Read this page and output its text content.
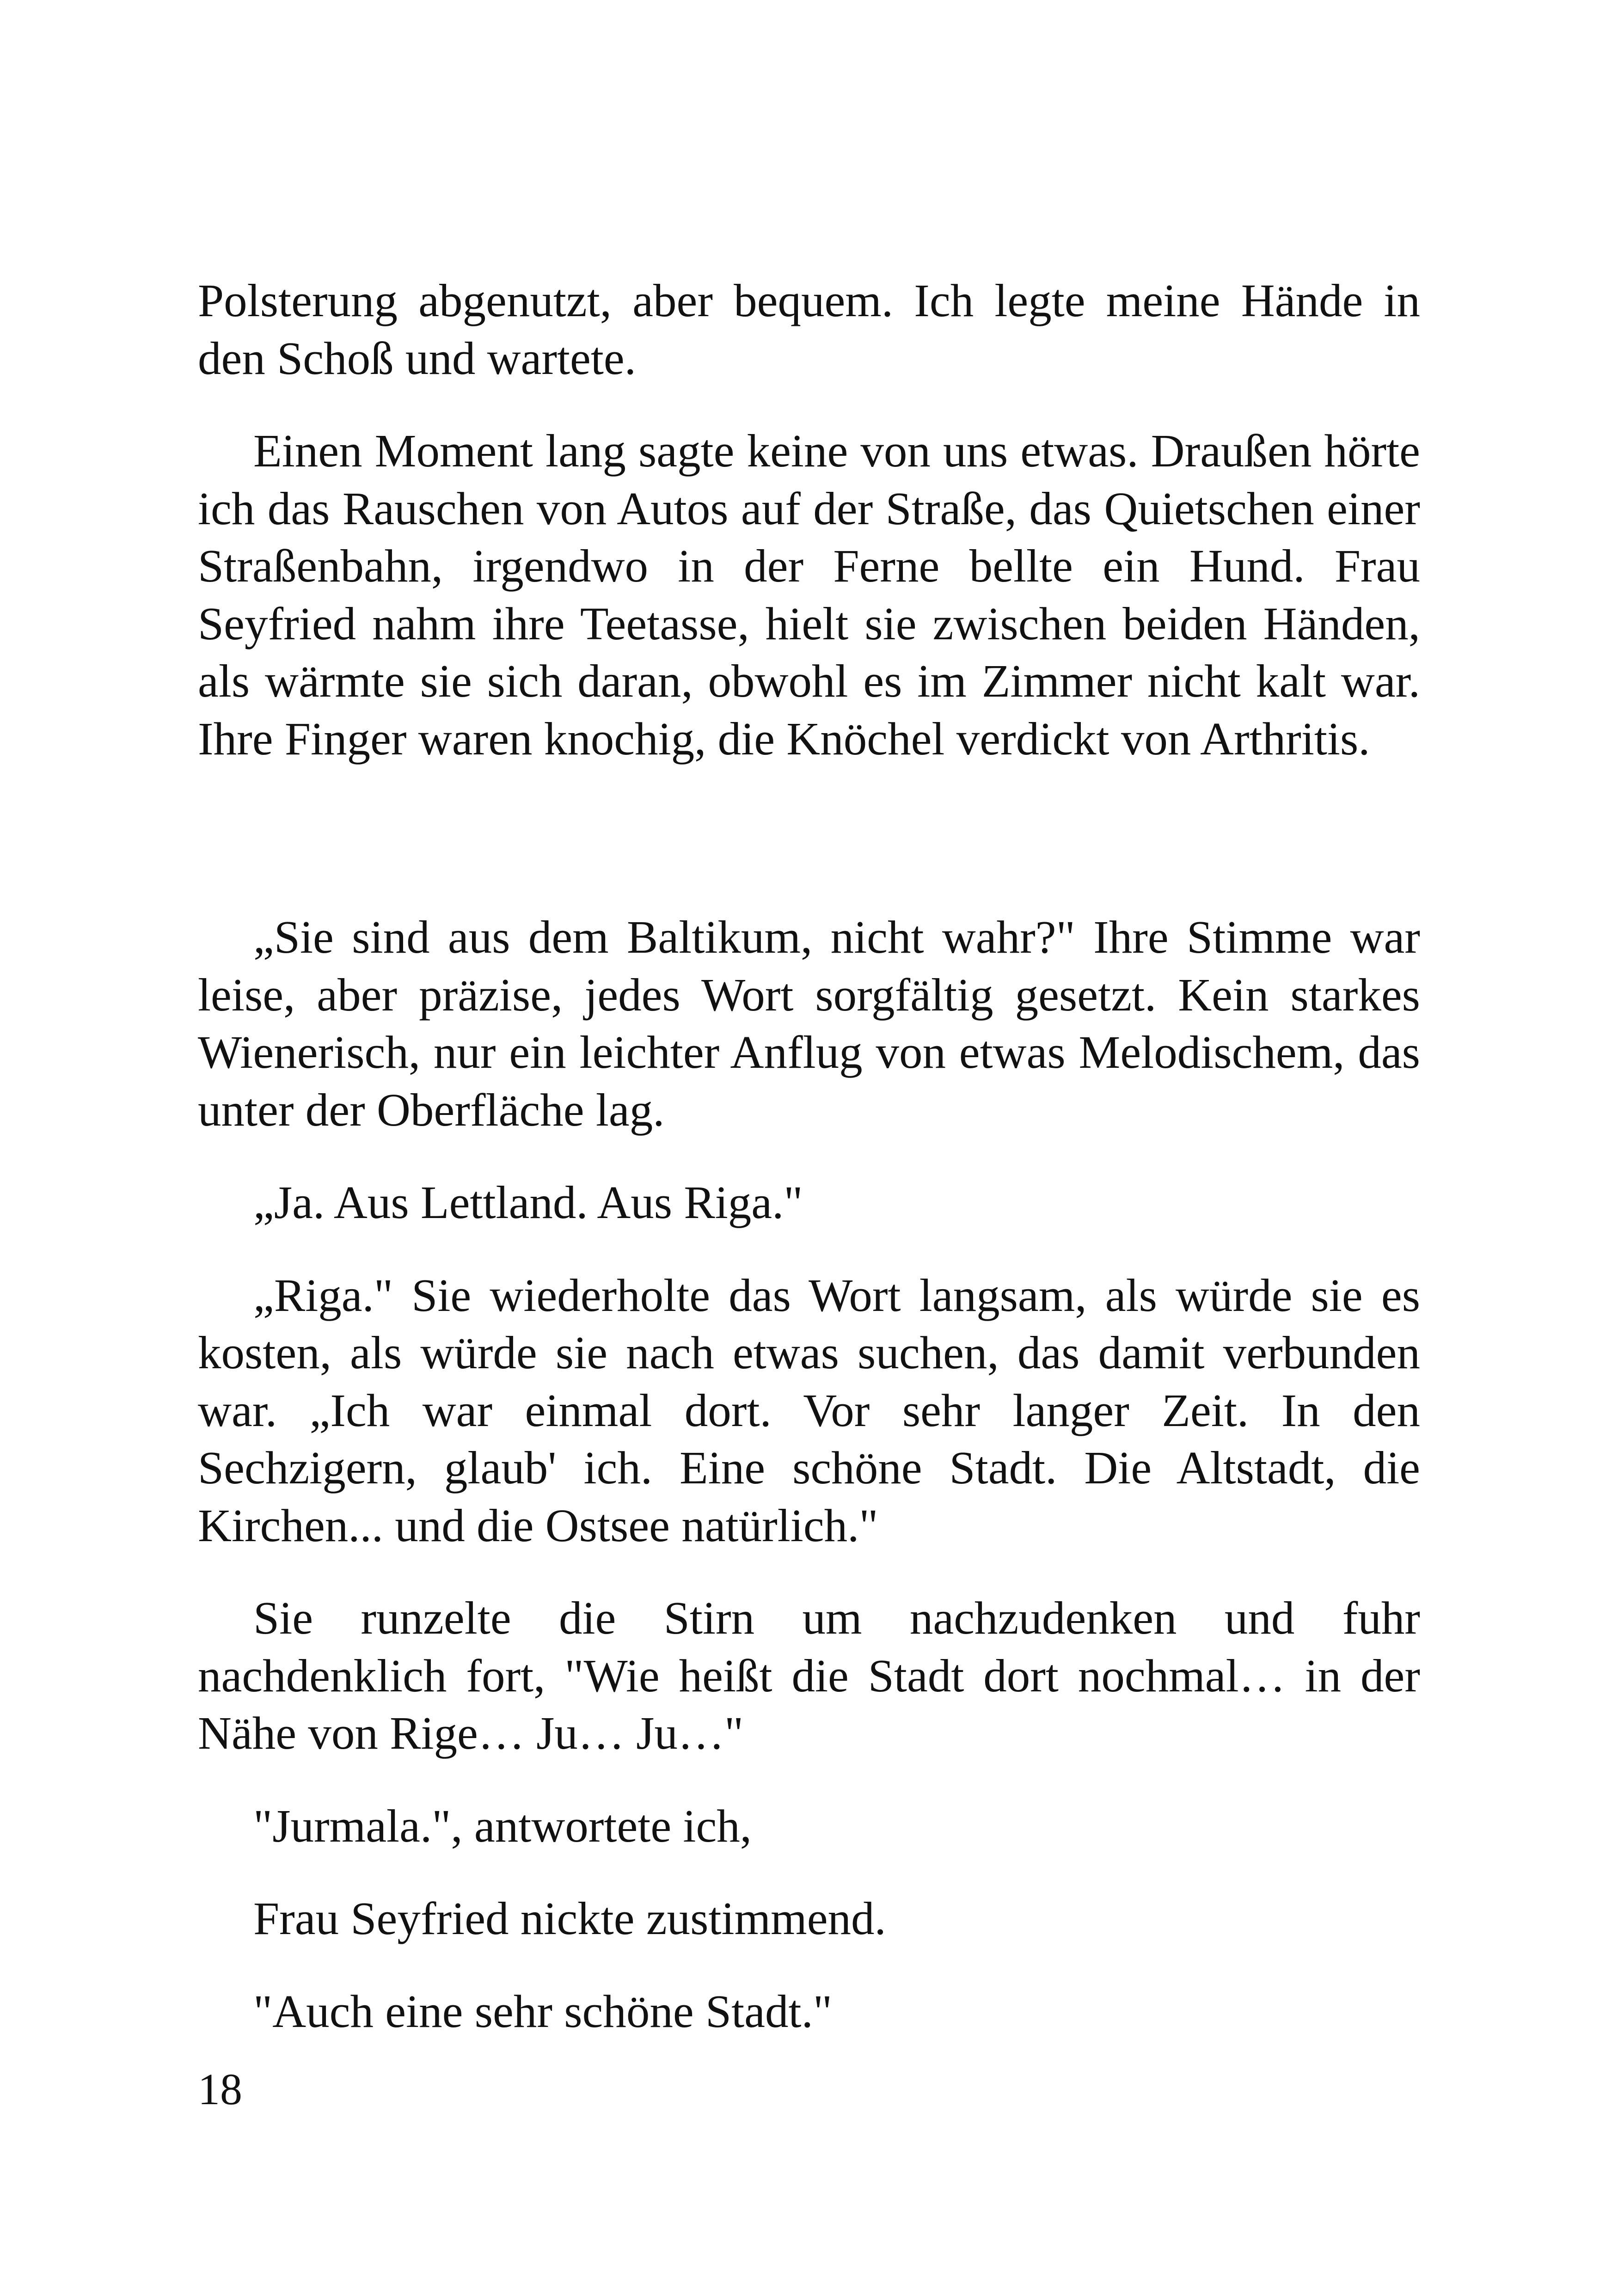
Polsterung abgenutzt, aber bequem. Ich legte meine Hände in den Schoß und wartete.

Einen Moment lang sagte keine von uns etwas. Draußen hörte ich das Rauschen von Autos auf der Straße, das Quietschen einer Straßenbahn, irgendwo in der Ferne bellte ein Hund. Frau Seyfried nahm ihre Teetasse, hielt sie zwischen beiden Händen, als wärmte sie sich daran, obwohl es im Zimmer nicht kalt war. Ihre Finger waren knochig, die Knöchel verdickt von Arthritis.

„Sie sind aus dem Baltikum, nicht wahr?" Ihre Stimme war leise, aber präzise, jedes Wort sorgfältig gesetzt. Kein starkes Wienerisch, nur ein leichter Anflug von etwas Melodischem, das unter der Oberfläche lag.

„Ja. Aus Lettland. Aus Riga."

„Riga." Sie wiederholte das Wort langsam, als würde sie es kosten, als würde sie nach etwas suchen, das damit verbunden war. „Ich war einmal dort. Vor sehr langer Zeit. In den Sechzigern, glaub' ich. Eine schöne Stadt. Die Altstadt, die Kirchen... und die Ostsee natürlich."

Sie runzelte die Stirn um nachzudenken und fuhr nachdenklich fort, "Wie heißt die Stadt dort nochmal… in der Nähe von Rige… Ju… Ju…"

"Jurmala.", antwortete ich,

Frau Seyfried nickte zustimmend.

"Auch eine sehr schöne Stadt."

18
